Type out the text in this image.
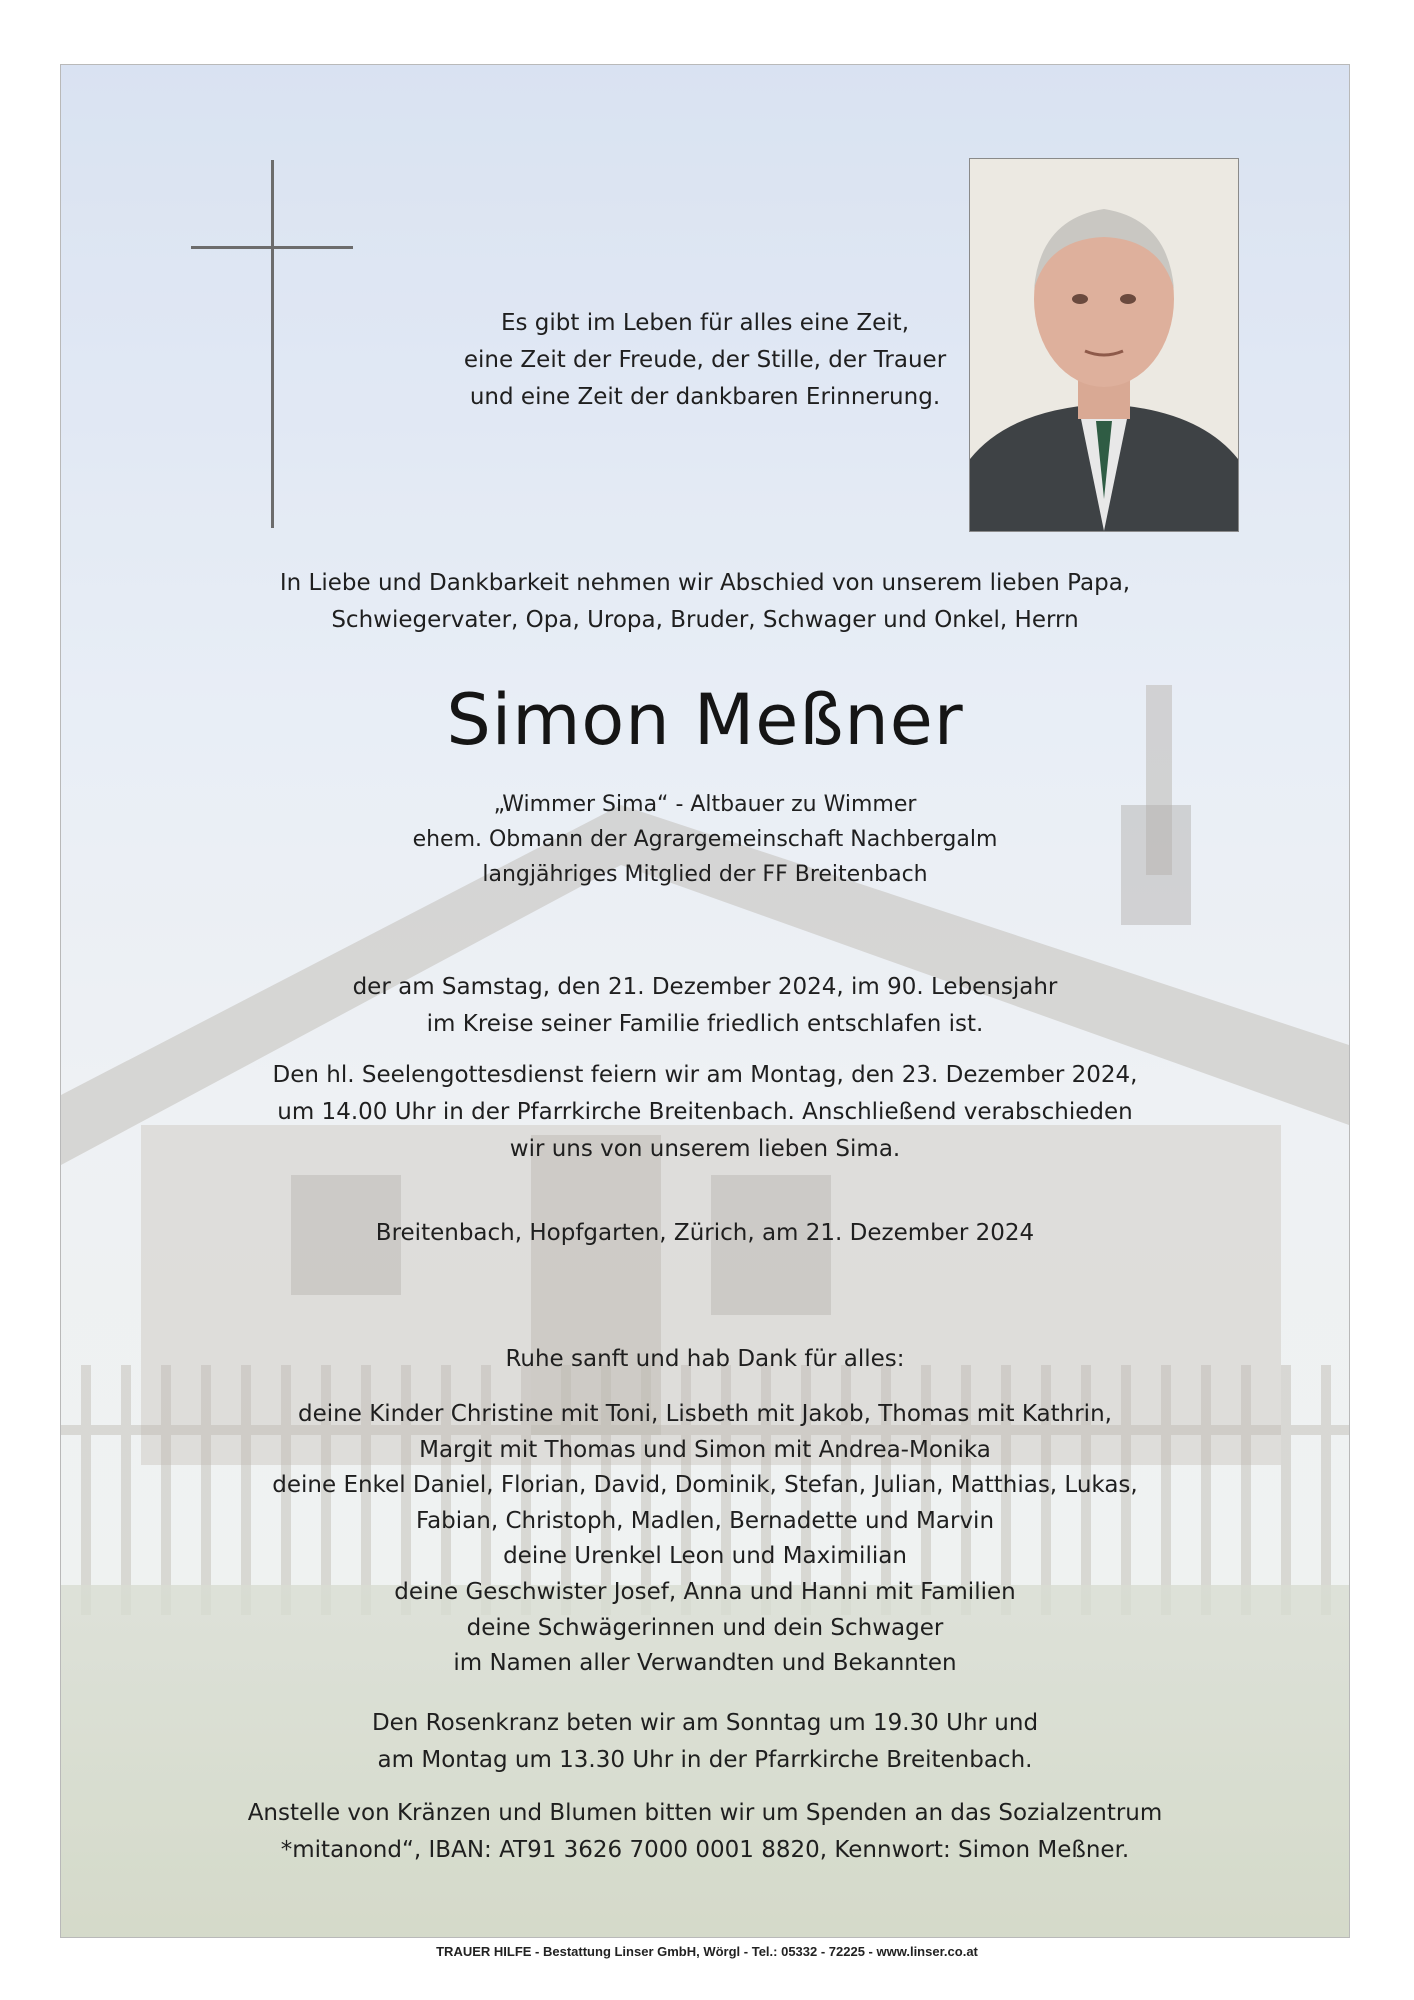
Es gibt im Leben für alles eine Zeit,
eine Zeit der Freude, der Stille, der Trauer
und eine Zeit der dankbaren Erinnerung.
In Liebe und Dankbarkeit nehmen wir Abschied von unserem lieben Papa,
Schwiegervater, Opa, Uropa, Bruder, Schwager und Onkel, Herrn
Simon Meßner
„Wimmer Sima“ - Altbauer zu Wimmer
ehem. Obmann der Agrargemeinschaft Nachbergalm
langjähriges Mitglied der FF Breitenbach
der am Samstag, den 21. Dezember 2024, im 90. Lebensjahr
im Kreise seiner Familie friedlich entschlafen ist.
Den hl. Seelengottesdienst feiern wir am Montag, den 23. Dezember 2024,
um 14.00 Uhr in der Pfarrkirche Breitenbach. Anschließend verabschieden
wir uns von unserem lieben Sima.
Breitenbach, Hopfgarten, Zürich, am 21. Dezember 2024
Ruhe sanft und hab Dank für alles:
deine Kinder Christine mit Toni, Lisbeth mit Jakob, Thomas mit Kathrin,
Margit mit Thomas und Simon mit Andrea-Monika
deine Enkel Daniel, Florian, David, Dominik, Stefan, Julian, Matthias, Lukas,
Fabian, Christoph, Madlen, Bernadette und Marvin
deine Urenkel Leon und Maximilian
deine Geschwister Josef, Anna und Hanni mit Familien
deine Schwägerinnen und dein Schwager
im Namen aller Verwandten und Bekannten
Den Rosenkranz beten wir am Sonntag um 19.30 Uhr und
am Montag um 13.30 Uhr in der Pfarrkirche Breitenbach.
Anstelle von Kränzen und Blumen bitten wir um Spenden an das Sozialzentrum
*mitanond“, IBAN: AT91 3626 7000 0001 8820, Kennwort: Simon Meßner.
TRAUER HILFE - Bestattung Linser GmbH, Wörgl - Tel.: 05332 - 72225 - www.linser.co.at
